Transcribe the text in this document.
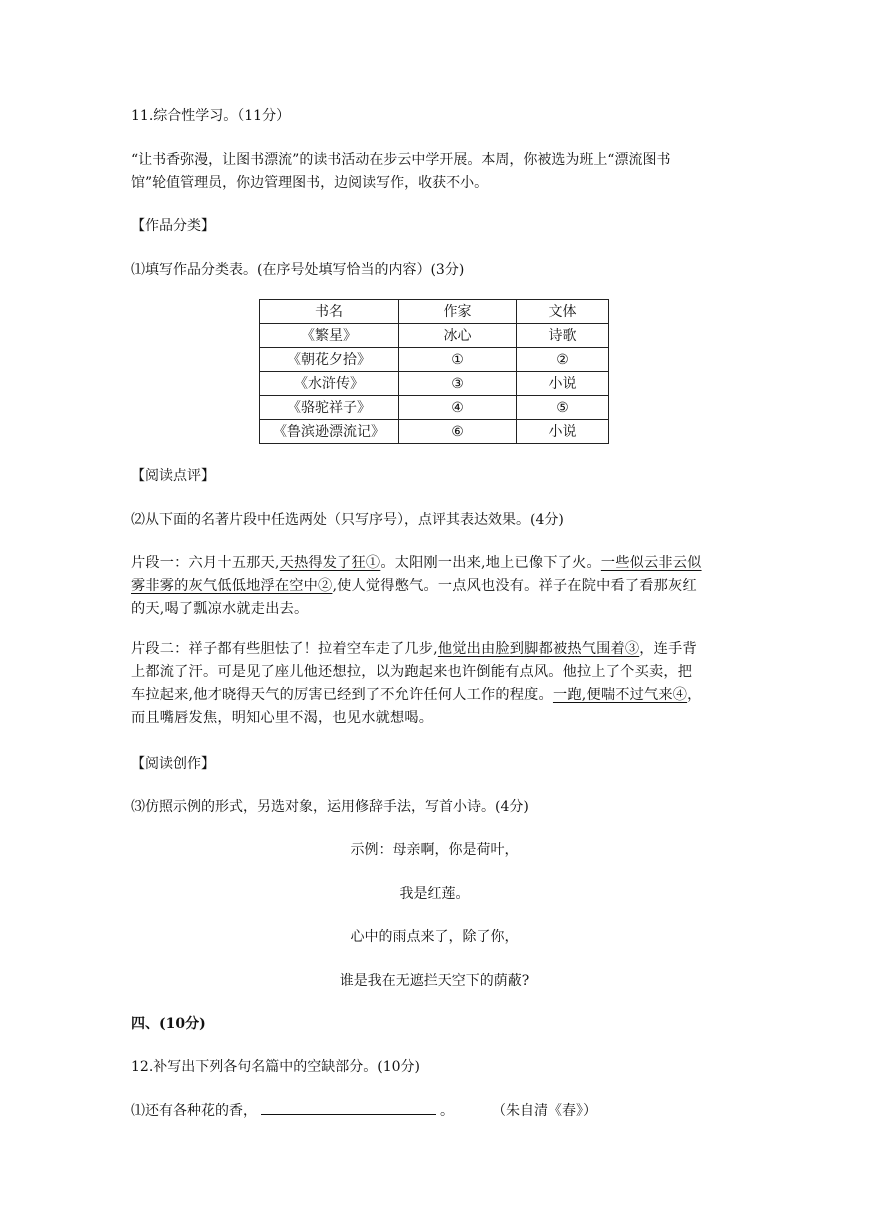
11.综合性学习。（11分）
“让书香弥漫，让图书漂流”的读书活动在步云中学开展。本周，你被选为班上“漂流图书
馆”轮值管理员，你边管理图书，边阅读写作，收获不小。
【作品分类】
⑴填写作品分类表。(在序号处填写恰当的内容）(3分)
书名	作家	文体
《繁星》	冰心	诗歌
《朝花夕拾》	①	②
《水浒传》	③	小说
《骆驼祥子》	④	⑤
《鲁滨逊漂流记》	⑥	小说
【阅读点评】
⑵从下面的名著片段中任选两处（只写序号），点评其表达效果。(4分)
片段一：六月十五那天,天热得发了狂①。太阳刚一出来,地上已像下了火。一些似云非云似
雾非雾的灰气低低地浮在空中②,使人觉得憋气。一点风也没有。祥子在院中看了看那灰红
的天,喝了瓢凉水就走出去。
片段二：祥子都有些胆怯了！拉着空车走了几步,他觉出由脸到脚都被热气围着③，连手背
上都流了汗。可是见了座儿他还想拉，以为跑起来也许倒能有点风。他拉上了个买卖，把
车拉起来,他才晓得天气的厉害已经到了不允许任何人工作的程度。一跑,便喘不过气来④，
而且嘴唇发焦，明知心里不渴，也见水就想喝。
【阅读创作】
⑶仿照示例的形式，另选对象，运用修辞手法，写首小诗。(4分)
示例：母亲啊，你是荷叶，
我是红莲。
心中的雨点来了，除了你，
谁是我在无遮拦天空下的荫蔽?
四、(10分)
12.补写出下列各句名篇中的空缺部分。(10分)
⑴还有各种花的香，	。	（朱自清《春》）
